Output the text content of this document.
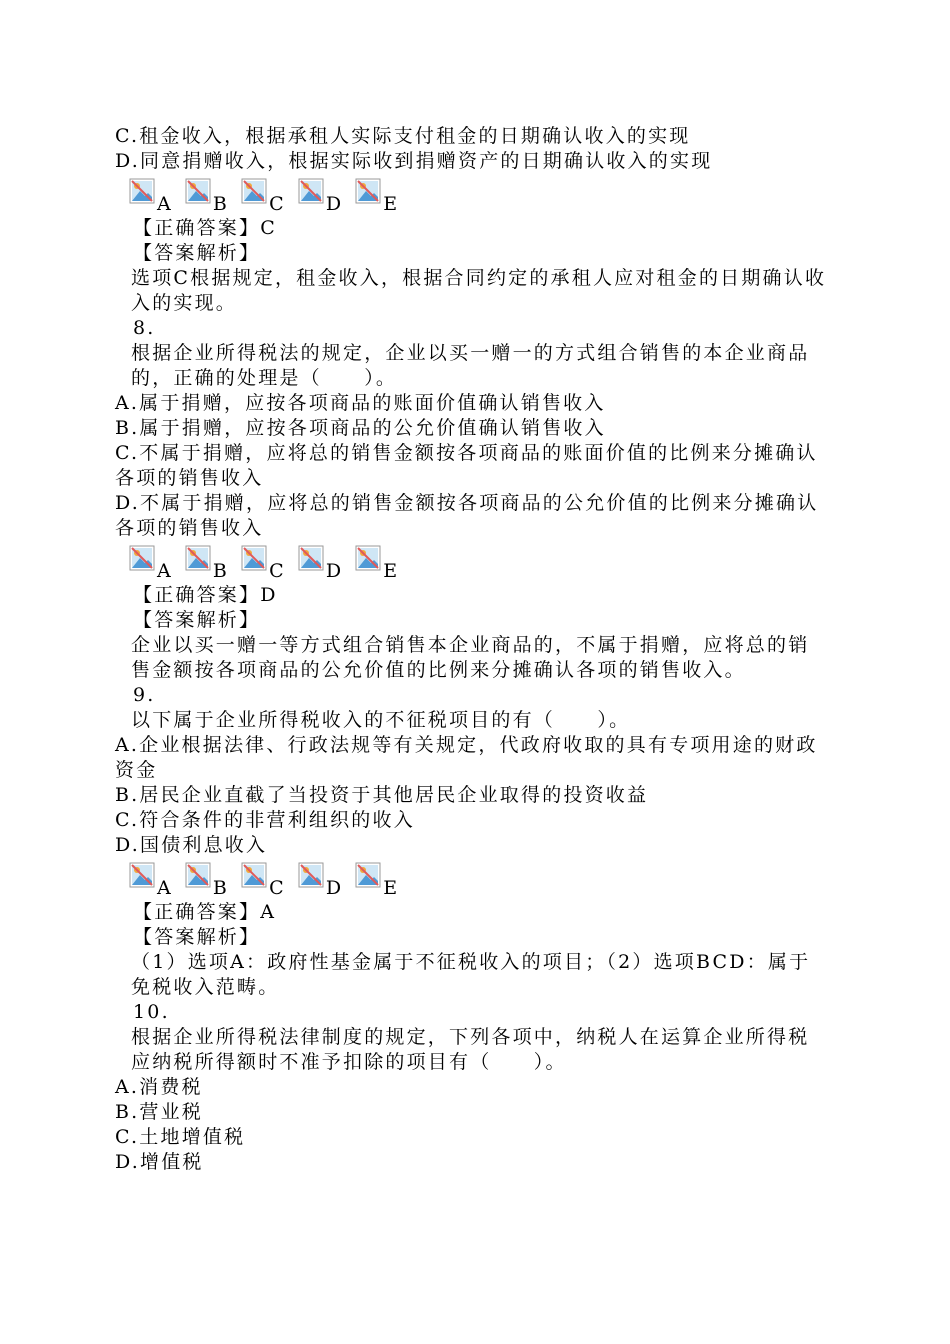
C.租金收入，根据承租人实际支付租金的日期确认收入的实现
D.同意捐赠收入，根据实际收到捐赠资产的日期确认收入的实现
A B C D E
【正确答案】C
【答案解析】
选项C根据规定，租金收入，根据合同约定的承租人应对租金的日期确认收入的实现。
8.
根据企业所得税法的规定，企业以买一赠一的方式组合销售的本企业商品的，正确的处理是（　　）。
A.属于捐赠，应按各项商品的账面价值确认销售收入
B.属于捐赠，应按各项商品的公允价值确认销售收入
C.不属于捐赠，应将总的销售金额按各项商品的账面价值的比例来分摊确认各项的销售收入
D.不属于捐赠，应将总的销售金额按各项商品的公允价值的比例来分摊确认各项的销售收入
A B C D E
【正确答案】D
【答案解析】
企业以买一赠一等方式组合销售本企业商品的，不属于捐赠，应将总的销售金额按各项商品的公允价值的比例来分摊确认各项的销售收入。
9.
以下属于企业所得税收入的不征税项目的有（　　）。
A.企业根据法律、行政法规等有关规定，代政府收取的具有专项用途的财政资金
B.居民企业直截了当投资于其他居民企业取得的投资收益
C.符合条件的非营利组织的收入
D.国债利息收入
A B C D E
【正确答案】A
【答案解析】
（1）选项A：政府性基金属于不征税收入的项目；（2）选项BCD：属于免税收入范畴。
10.
根据企业所得税法律制度的规定，下列各项中，纳税人在运算企业所得税应纳税所得额时不准予扣除的项目有（　　）。
A.消费税
B.营业税
C.土地增值税
D.增值税
